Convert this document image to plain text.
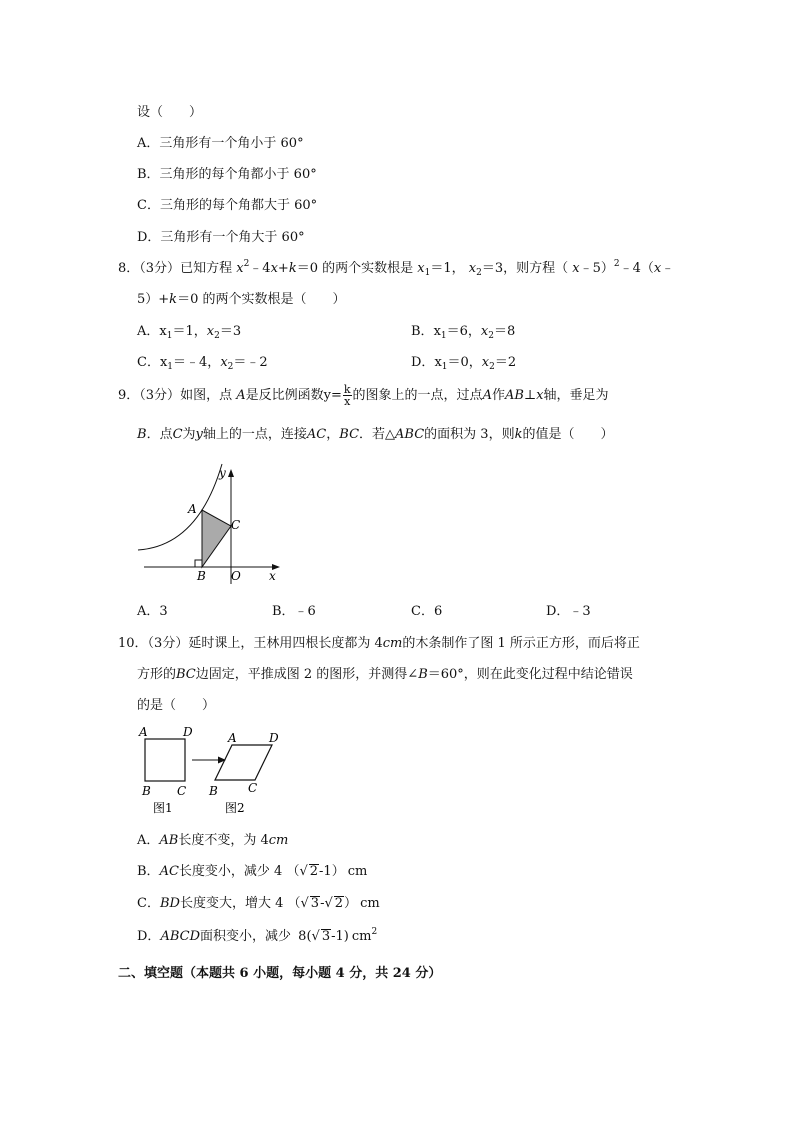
设（　　）
A．三角形有一个角小于 60°
B．三角形的每个角都小于 60°
C．三角形的每个角都大于 60°
D．三角形有一个角大于 60°
8．（3分）已知方程 $x^2﹣4x+k=0$ 的两个实数根是 $x_1=1$， $x_2=3$，则方程（ x﹣5）$^2$﹣4（x﹣
5）+k＝0 的两个实数根是（　　）
A．$x_1=1$，$x_2=3$	B．$x_1=6$，$x_2=8$
C．$x_1=﹣4$，$x_2=﹣2$	D．$x_1=0$，$x_2=2$
9．（3分）如图，点 A是反比例函数$y= \frac{k}{x}$ 的图象上的一点，过点A作AB⊥x轴，垂足为
B．点C为y轴上的一点，连接AC，BC．若△ABC的面积为 3，则k的值是（　　）
A
B
C
O x
y
A．3	B．﹣6	C．6	D．﹣3
10．（3分）延时课上，王林用四根长度都为 4cm的木条制作了图 1 所示正方形，而后将正
方形的BC边固定，平推成图 2 的图形，并测得∠B＝60°，则在此变化过程中结论错误
的是（　　）
A	D
B C
图1
A	D
B	C
图2
A．AB长度不变，为 4cm
B．AC长度变小，减少 4 （√ 2-1） cm
C．BD长度变大，增大 4 （√ 3-√ 2） cm
D．ABCD面积变小，减少 8(√ 3-1) $cm^2$
二、填空题（本题共 6 小题，每小题 4 分，共 24 分）
